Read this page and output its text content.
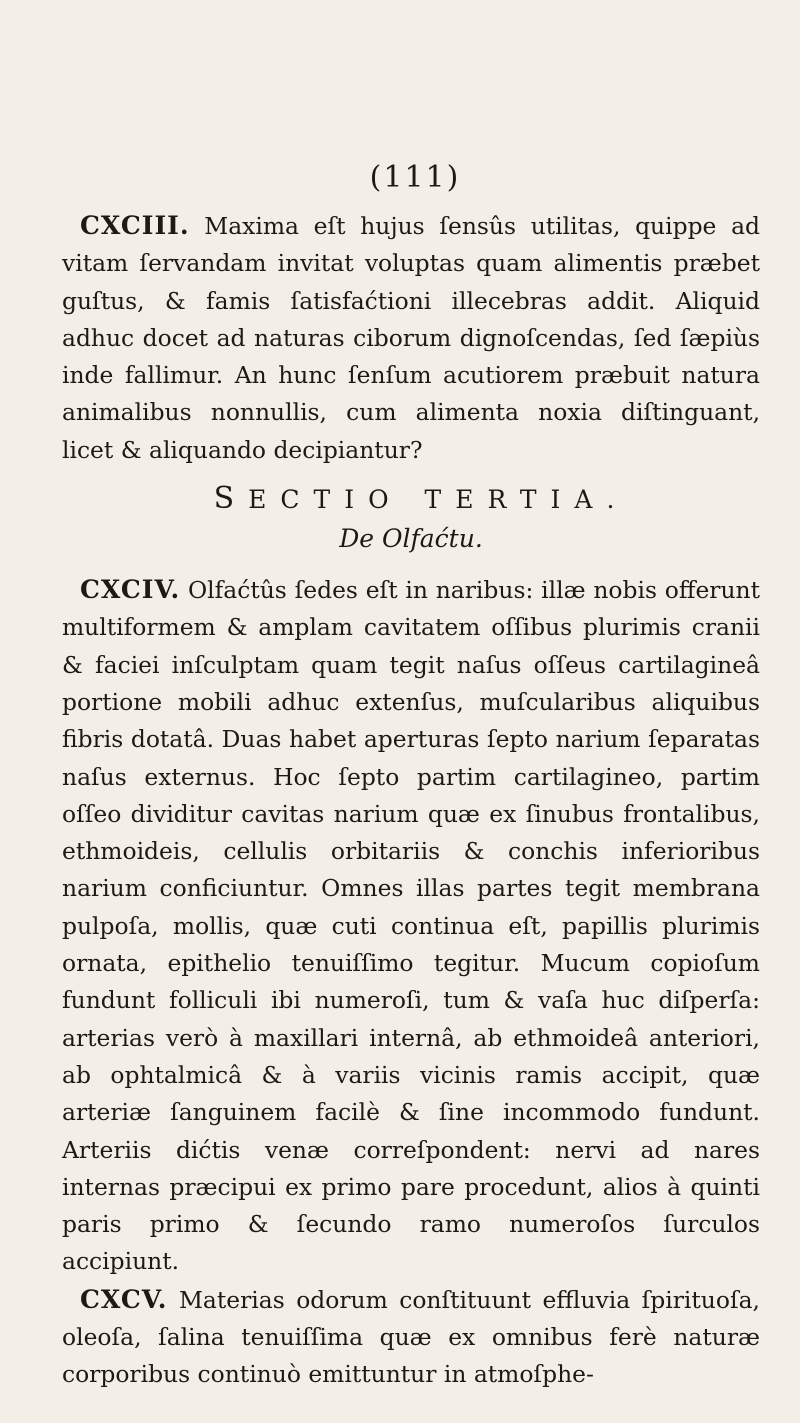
(111)

CXCIII. Maxima eſt hujus ſensûs utilitas, quippe ad vitam ſervandam invitat voluptas quam alimentis præbet guſtus, & famis ſatisfaćtioni illecebras addit. Aliquid adhuc docet ad naturas ciborum dignoſcendas, ſed ſæpiùs inde fallimur. An hunc ſenſum acutiorem præbuit natura animalibus nonnullis, cum alimenta noxia diſtinguant, licet & aliquando decipiantur?

SECTIO TERTIA.
De Olfaćtu.

CXCIV. Olfaćtûs ſedes eſt in naribus: illæ nobis offerunt multiformem & amplam cavitatem oſſibus plurimis cranii & faciei inſculptam quam tegit naſus oſſeus cartilagineâ portione mobili adhuc extenſus, muſcularibus aliquibus fibris dotatâ. Duas habet aperturas ſepto narium ſeparatas naſus externus. Hoc ſepto partim cartilagineo, partim oſſeo dividitur cavitas narium quæ ex ſinubus frontalibus, ethmoideis, cellulis orbitariis & conchis inferioribus narium conficiuntur. Omnes illas partes tegit membrana pulpoſa, mollis, quæ cuti continua eſt, papillis plurimis ornata, epithelio tenuiſſimo tegitur. Mucum copioſum fundunt folliculi ibi numeroſi, tum & vaſa huc diſperſa: arterias verò à maxillari internâ, ab ethmoideâ anteriori, ab ophtalmicâ & à variis vicinis ramis accipit, quæ arteriæ ſanguinem facilè & ſine incommodo fundunt. Arteriis dićtis venæ correſpondent: nervi ad nares internas præcipui ex primo pare procedunt, alios à quinti paris primo & ſecundo ramo numeroſos ſurculos accipiunt.

CXCV. Materias odorum conſtituunt effluvia ſpirituoſa, oleoſa, ſalina tenuiſſima quæ ex omnibus ferè naturæ corporibus continuò emittuntur in atmoſphe-
